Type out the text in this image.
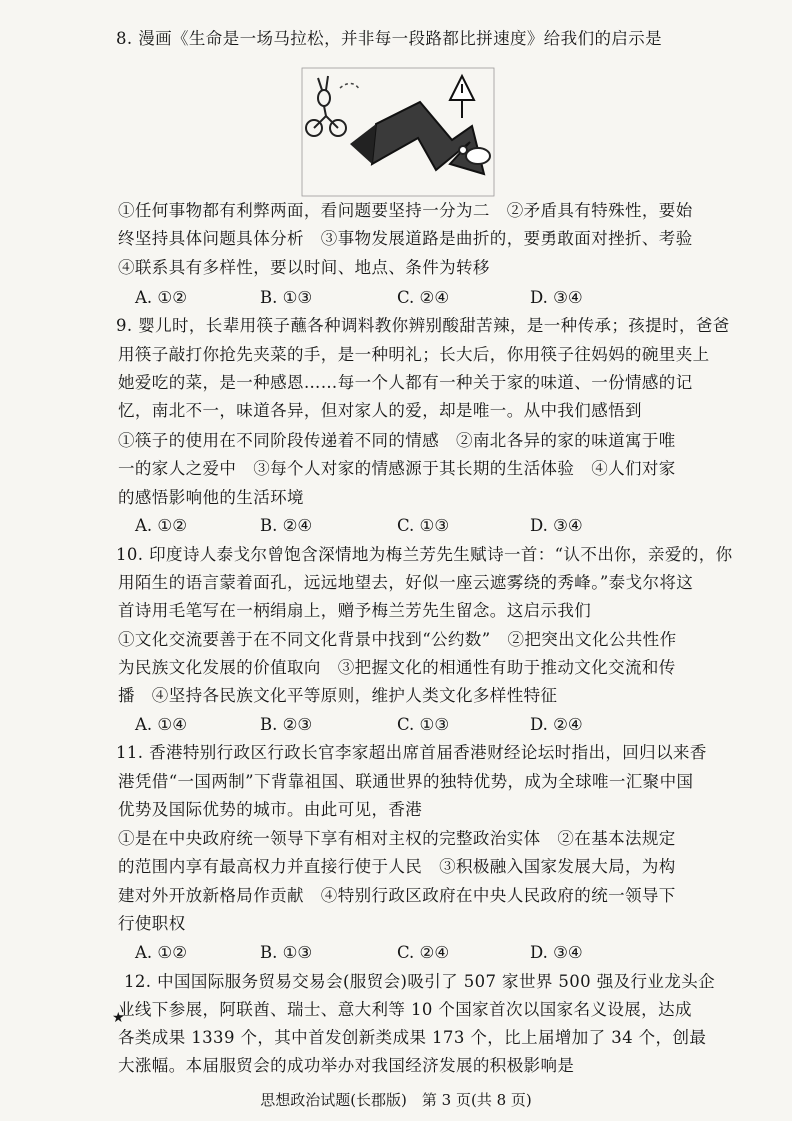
8. 漫画《生命是一场马拉松，并非每一段路都比拼速度》给我们的启示是
①任何事物都有利弊两面，看问题要坚持一分为二　②矛盾具有特殊性，要始
终坚持具体问题具体分析　③事物发展道路是曲折的，要勇敢面对挫折、考验
④联系具有多样性，要以时间、地点、条件为转移
A. ①②	B. ①③	C. ②④	D. ③④
9. 婴儿时，长辈用筷子蘸各种调料教你辨别酸甜苦辣，是一种传承；孩提时，爸爸
用筷子敲打你抢先夹菜的手，是一种明礼；长大后，你用筷子往妈妈的碗里夹上
她爱吃的菜，是一种感恩……每一个人都有一种关于家的味道、一份情感的记
忆，南北不一，味道各异，但对家人的爱，却是唯一。从中我们感悟到
①筷子的使用在不同阶段传递着不同的情感　②南北各异的家的味道寓于唯
一的家人之爱中　③每个人对家的情感源于其长期的生活体验　④人们对家
的感悟影响他的生活环境
A. ①②	B. ②④	C. ①③	D. ③④
10. 印度诗人泰戈尔曾饱含深情地为梅兰芳先生赋诗一首：“认不出你，亲爱的，你
用陌生的语言蒙着面孔，远远地望去，好似一座云遮雾绕的秀峰。”泰戈尔将这
首诗用毛笔写在一柄绢扇上，赠予梅兰芳先生留念。这启示我们
①文化交流要善于在不同文化背景中找到“公约数”　②把突出文化公共性作
为民族文化发展的价值取向　③把握文化的相通性有助于推动文化交流和传
播　④坚持各民族文化平等原则，维护人类文化多样性特征
A. ①④	B. ②③	C. ①③	D. ②④
11. 香港特别行政区行政长官李家超出席首届香港财经论坛时指出，回归以来香
港凭借“一国两制”下背靠祖国、联通世界的独特优势，成为全球唯一汇聚中国
优势及国际优势的城市。由此可见，香港
①是在中央政府统一领导下享有相对主权的完整政治实体　②在基本法规定
的范围内享有最高权力并直接行使于人民　③积极融入国家发展大局，为构
建对外开放新格局作贡献　④特别行政区政府在中央人民政府的统一领导下
行使职权
A. ①②	B. ①③	C. ②④	D. ③④
★
12. 中国国际服务贸易交易会(服贸会)吸引了 507 家世界 500 强及行业龙头企
业线下参展，阿联酋、瑞士、意大利等 10 个国家首次以国家名义设展，达成
各类成果 1339 个，其中首发创新类成果 173 个，比上届增加了 34 个，创最
大涨幅。本届服贸会的成功举办对我国经济发展的积极影响是
思想政治试题(长郡版)　第 3 页(共 8 页)
